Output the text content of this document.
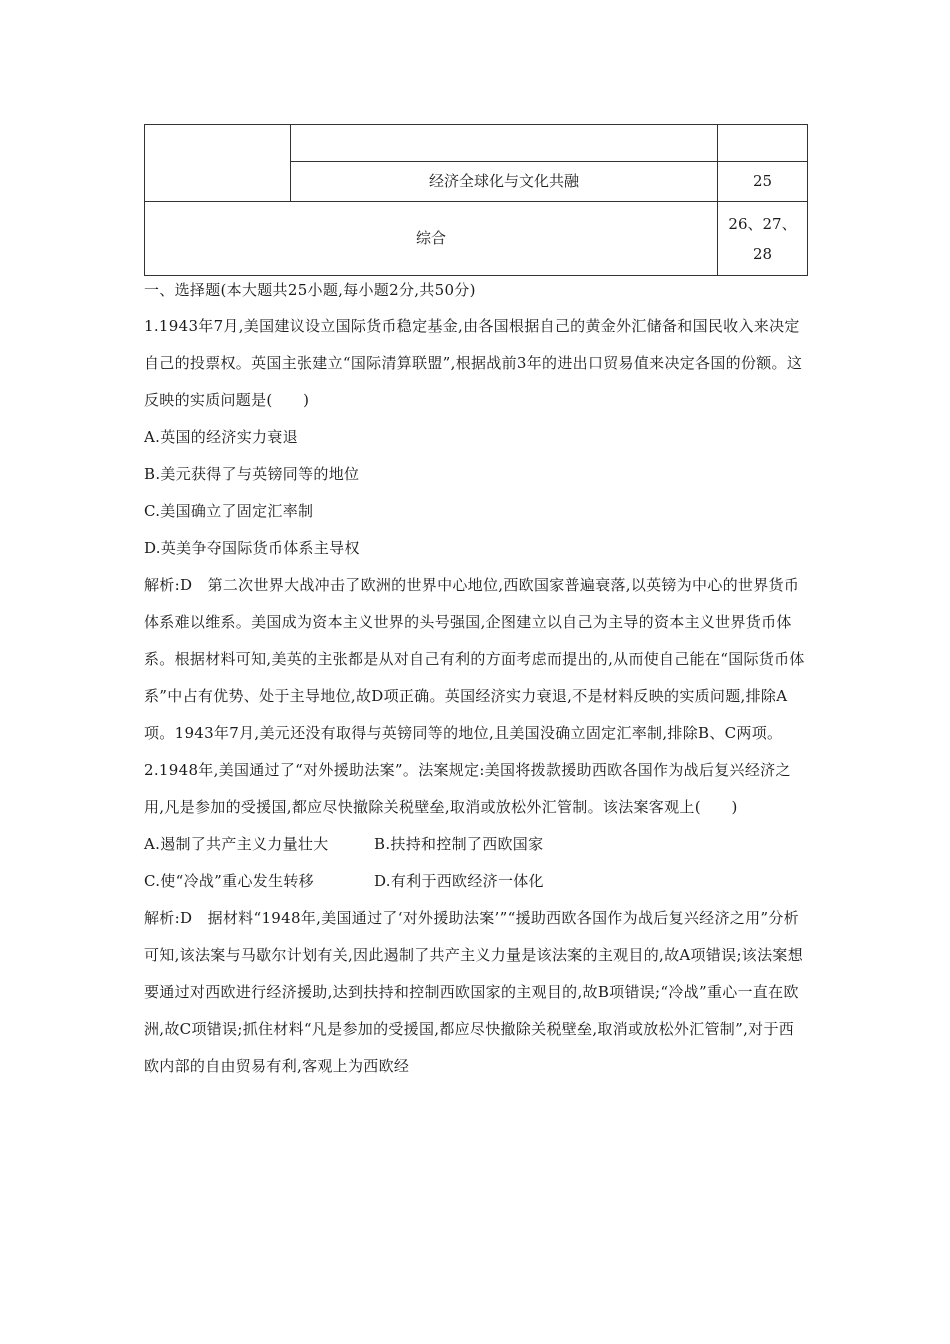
	经济全球化与文化共融	25
综合		26、27、
28

一、选择题(本大题共25小题,每小题2分,共50分)

1.1943年7月,美国建议设立国际货币稳定基金,由各国根据自己的黄金外汇储备和国民收入来决定自己的投票权。英国主张建立“国际清算联盟”,根据战前3年的进出口贸易值来决定各国的份额。这反映的实质问题是(　　)

A.英国的经济实力衰退
B.美元获得了与英镑同等的地位
C.美国确立了固定汇率制
D.英美争夺国际货币体系主导权

解析:D　第二次世界大战冲击了欧洲的世界中心地位,西欧国家普遍衰落,以英镑为中心的世界货币体系难以维系。美国成为资本主义世界的头号强国,企图建立以自己为主导的资本主义世界货币体系。根据材料可知,美英的主张都是从对自己有利的方面考虑而提出的,从而使自己能在“国际货币体系”中占有优势、处于主导地位,故D项正确。英国经济实力衰退,不是材料反映的实质问题,排除A项。1943年7月,美元还没有取得与英镑同等的地位,且美国没确立固定汇率制,排除B、C两项。

2.1948年,美国通过了“对外援助法案”。法案规定:美国将拨款援助西欧各国作为战后复兴经济之用,凡是参加的受援国,都应尽快撤除关税壁垒,取消或放松外汇管制。该法案客观上(　　)

A.遏制了共产主义力量壮大	B.扶持和控制了西欧国家
C.使“冷战”重心发生转移	D.有利于西欧经济一体化

解析:D　据材料“1948年,美国通过了‘对外援助法案’”“援助西欧各国作为战后复兴经济之用”分析可知,该法案与马歇尔计划有关,因此遏制了共产主义力量是该法案的主观目的,故A项错误;该法案想要通过对西欧进行经济援助,达到扶持和控制西欧国家的主观目的,故B项错误;“冷战”重心一直在欧洲,故C项错误;抓住材料“凡是参加的受援国,都应尽快撤除关税壁垒,取消或放松外汇管制”,对于西欧内部的自由贸易有利,客观上为西欧经
